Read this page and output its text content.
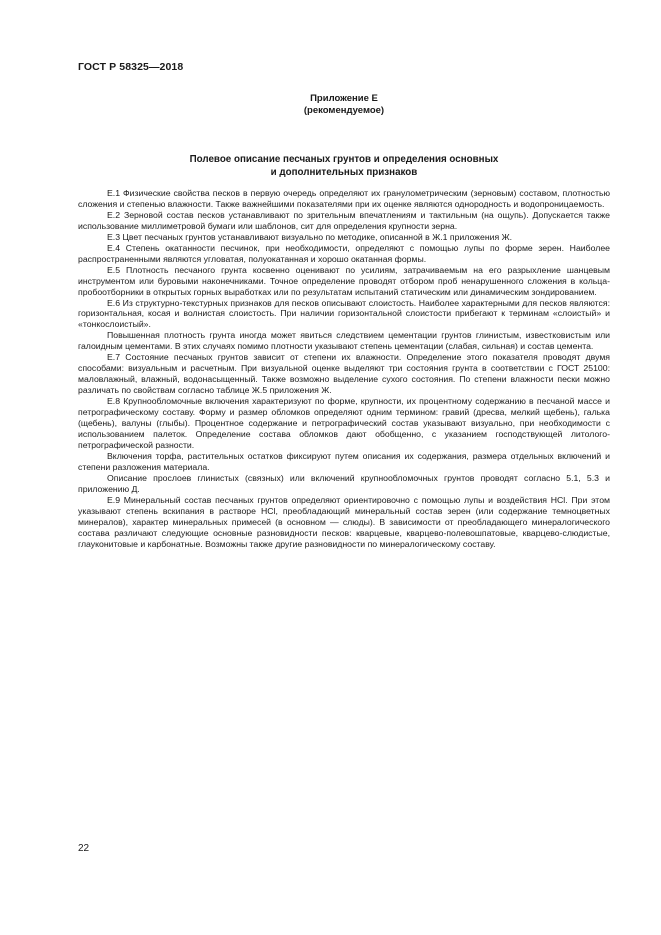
ГОСТ Р 58325—2018
Приложение Е
(рекомендуемое)
Полевое описание песчаных грунтов и определения основных
и дополнительных признаков

Е.1 Физические свойства песков в первую очередь определяют их гранулометрическим (зерновым) составом, плотностью сложения и степенью влажности. Также важнейшими показателями при их оценке являются однородность и водопроницаемость.

Е.2 Зерновой состав песков устанавливают по зрительным впечатлениям и тактильным (на ощупь). Допускается также использование миллиметровой бумаги или шаблонов, сит для определения крупности зерна.

Е.3 Цвет песчаных грунтов устанавливают визуально по методике, описанной в Ж.1 приложения Ж.

Е.4 Степень окатанности песчинок, при необходимости, определяют с помощью лупы по форме зерен. Наиболее распространенными являются угловатая, полуокатанная и хорошо окатанная формы.

Е.5 Плотность песчаного грунта косвенно оценивают по усилиям, затрачиваемым на его разрыхление шанцевым инструментом или буровыми наконечниками. Точное определение проводят отбором проб ненарушенного сложения в кольца-пробоотборники в открытых горных выработках или по результатам испытаний статическим или динамическим зондированием.

Е.6 Из структурно-текстурных признаков для песков описывают слоистость. Наиболее характерными для песков являются: горизонтальная, косая и волнистая слоистость. При наличии горизонтальной слоистости прибегают к терминам «слоистый» и «тонкослоистый».

Повышенная плотность грунта иногда может явиться следствием цементации грунтов глинистым, известковистым или галоидным цементами. В этих случаях помимо плотности указывают степень цементации (слабая, сильная) и состав цемента.

Е.7 Состояние песчаных грунтов зависит от степени их влажности. Определение этого показателя проводят двумя способами: визуальным и расчетным. При визуальной оценке выделяют три состояния грунта в соответствии с ГОСТ 25100: маловлажный, влажный, водонасыщенный. Также возможно выделение сухого состояния. По степени влажности пески можно различать по свойствам согласно таблице Ж.5 приложения Ж.

Е.8 Крупнообломочные включения характеризуют по форме, крупности, их процентному содержанию в песчаной массе и петрографическому составу. Форму и размер обломков определяют одним термином: гравий (дресва, мелкий щебень), галька (щебень), валуны (глыбы). Процентное содержание и петрографический состав указывают визуально, при необходимости с использованием палеток. Определение состава обломков дают обобщенно, с указанием господствующей литолого-петрографической разности.

Включения торфа, растительных остатков фиксируют путем описания их содержания, размера отдельных включений и степени разложения материала.

Описание прослоев глинистых (связных) или включений крупнообломочных грунтов проводят согласно 5.1, 5.3 и приложению Д.

Е.9 Минеральный состав песчаных грунтов определяют ориентировочно с помощью лупы и воздействия HCl. При этом указывают степень вскипания в растворе HCl, преобладающий минеральный состав зерен (или содержание темноцветных минералов), характер минеральных примесей (в основном — слюды). В зависимости от преобладающего минералогического состава различают следующие основные разновидности песков: кварцевые, кварцево-полевошпатовые, кварцево-слюдистые, глауконитовые и карбонатные. Возможны также другие разновидности по минералогическому составу.

22
